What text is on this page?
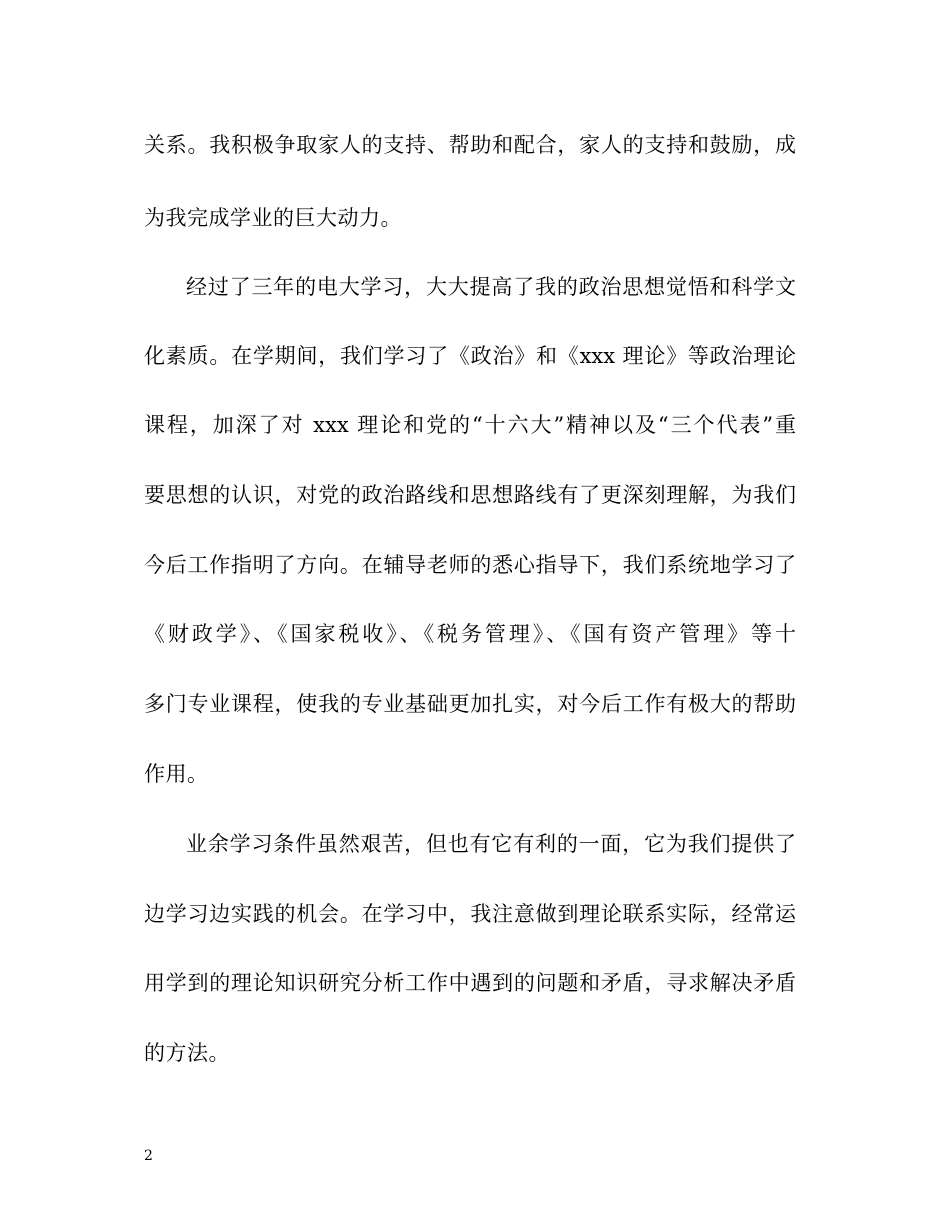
关系。我积极争取家人的支持、帮助和配合，家人的支持和鼓励，成
为我完成学业的巨大动力。
经过了三年的电大学习，大大提高了我的政治思想觉悟和科学文
化素质。在学期间，我们学习了《政治》和《xxx 理论》等政治理论
课程，加深了对 xxx 理论和党的“十六大”精神以及“三个代表”重
要思想的认识，对党的政治路线和思想路线有了更深刻理解，为我们
今后工作指明了方向。在辅导老师的悉心指导下，我们系统地学习了
《财政学》、《国家税收》、《税务管理》、《国有资产管理》等十
多门专业课程，使我的专业基础更加扎实，对今后工作有极大的帮助
作用。
业余学习条件虽然艰苦，但也有它有利的一面，它为我们提供了
边学习边实践的机会。在学习中，我注意做到理论联系实际，经常运
用学到的理论知识研究分析工作中遇到的问题和矛盾，寻求解决矛盾
的方法。
2
